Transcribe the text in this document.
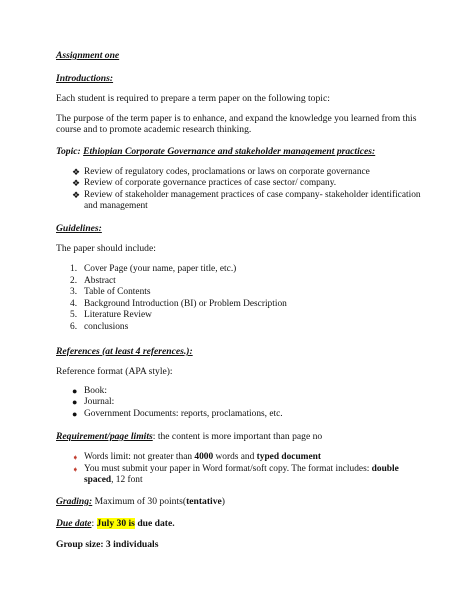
Assignment one
Introductions:
Each student is required to prepare a term paper on the following topic:
The purpose of the term paper is to enhance, and expand the knowledge you learned from this
course and to promote academic research thinking.
Topic: Ethiopian Corporate Governance and stakeholder management practices:
❖ Review of regulatory codes, proclamations or laws on corporate governance
❖ Review of corporate governance practices of case sector/ company.
❖ Review of stakeholder management practices of case company- stakeholder identification
and management
Guidelines:
The paper should include:
1. Cover Page (your name, paper title, etc.)
2. Abstract
3. Table of Contents
4. Background Introduction (BI) or Problem Description
5. Literature Review
6. conclusions
References (at least 4 references.):
Reference format (APA style):
● Book:
● Journal:
● Government Documents: reports, proclamations, etc.
Requirement/page limits: the content is more important than page no
➧ Words limit: not greater than 4000 words and typed document
➧ You must submit your paper in Word format/soft copy. The format includes: double
spaced, 12 font
Grading: Maximum of 30 points(tentative)
Due date: July 30 is due date.
Group size: 3 individuals
